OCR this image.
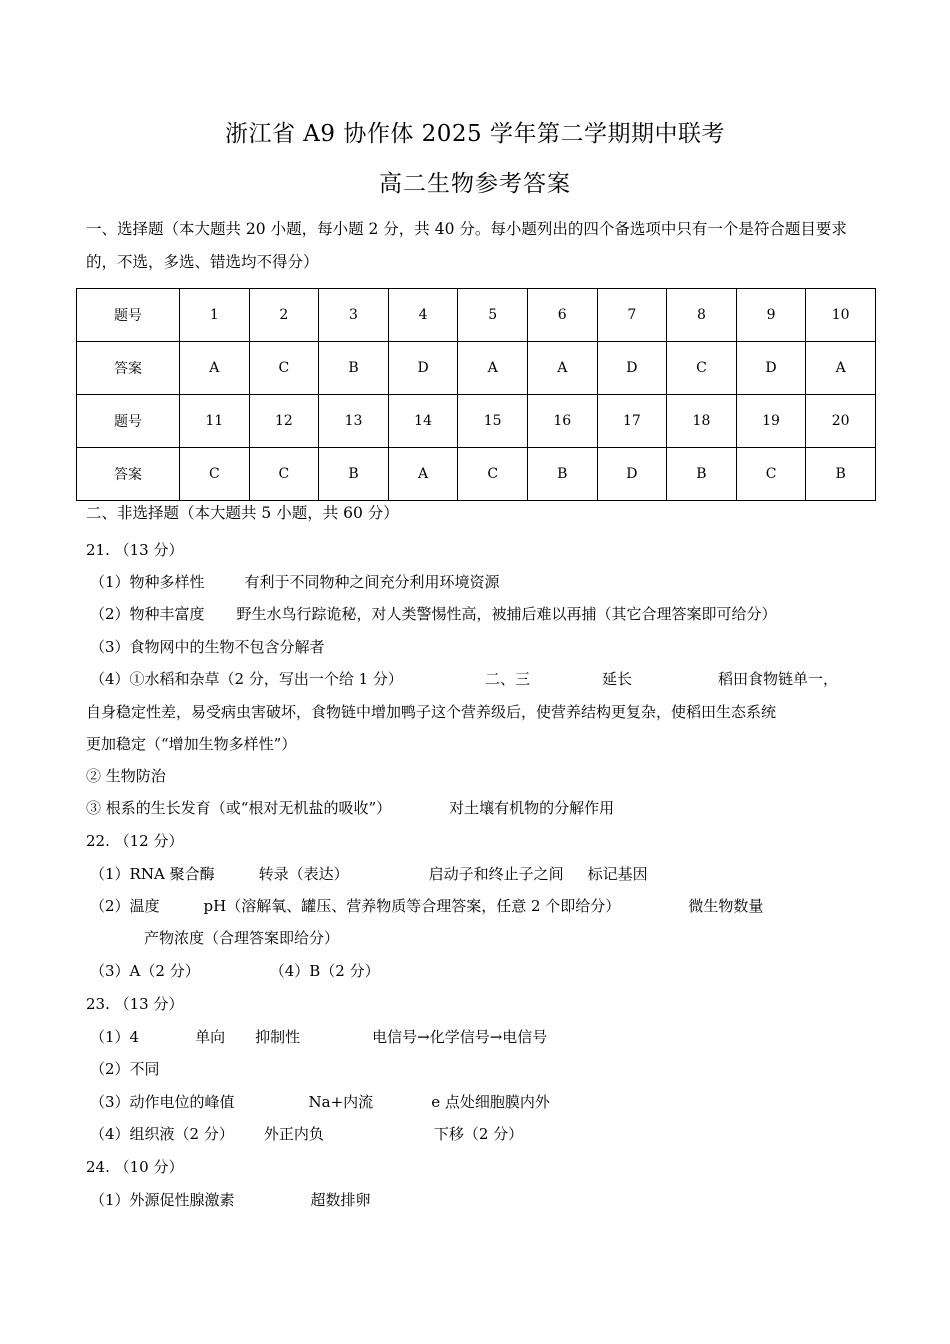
浙江省 A9 协作体 2025 学年第二学期期中联考
高二生物参考答案
一、选择题（本大题共 20 小题，每小题 2 分，共 40 分。每小题列出的四个备选项中只有一个是符合题目要求的，不选，多选、错选均不得分）
题号	1	2	3	4	5	6	7	8	9	10
答案	A	C	B	D	A	A	D	C	D	A
题号	11	12	13	14	15	16	17	18	19	20
答案	C	C	B	A	C	B	D	B	C	B
二、非选择题（本大题共 5 小题，共 60 分）
21. （13 分）
（1）物种多样性	有利于不同物种之间充分利用环境资源
（2）物种丰富度 野生水鸟行踪诡秘，对人类警惕性高，被捕后难以再捕（其它合理答案即可给分）
（3）食物网中的生物不包含分解者
（4）①水稻和杂草（2 分，写出一个给 1 分）	二、三	延长	稻田食物链单一，
自身稳定性差，易受病虫害破坏，食物链中增加鸭子这个营养级后，使营养结构更复杂，使稻田生态系统
更加稳定（“增加生物多样性”）
② 生物防治
③ 根系的生长发育（或“根对无机盐的吸收”）	对土壤有机物的分解作用
22. （12 分）
（1）RNA 聚合酶	转录（表达）	启动子和终止子之间 标记基因
（2）温度	pH（溶解氧、罐压、营养物质等合理答案，任意 2 个即给分）	微生物数量
产物浓度（合理答案即给分）
（3）A（2 分）	（4）B（2 分）
23. （13 分）
（1）4	单向 抑制性	电信号→化学信号→电信号
（2）不同
（3）动作电位的峰值	Na+内流	e 点处细胞膜内外
（4）组织液（2 分） 外正内负	下移（2 分）
24. （10 分）
（1）外源促性腺激素	超数排卵
